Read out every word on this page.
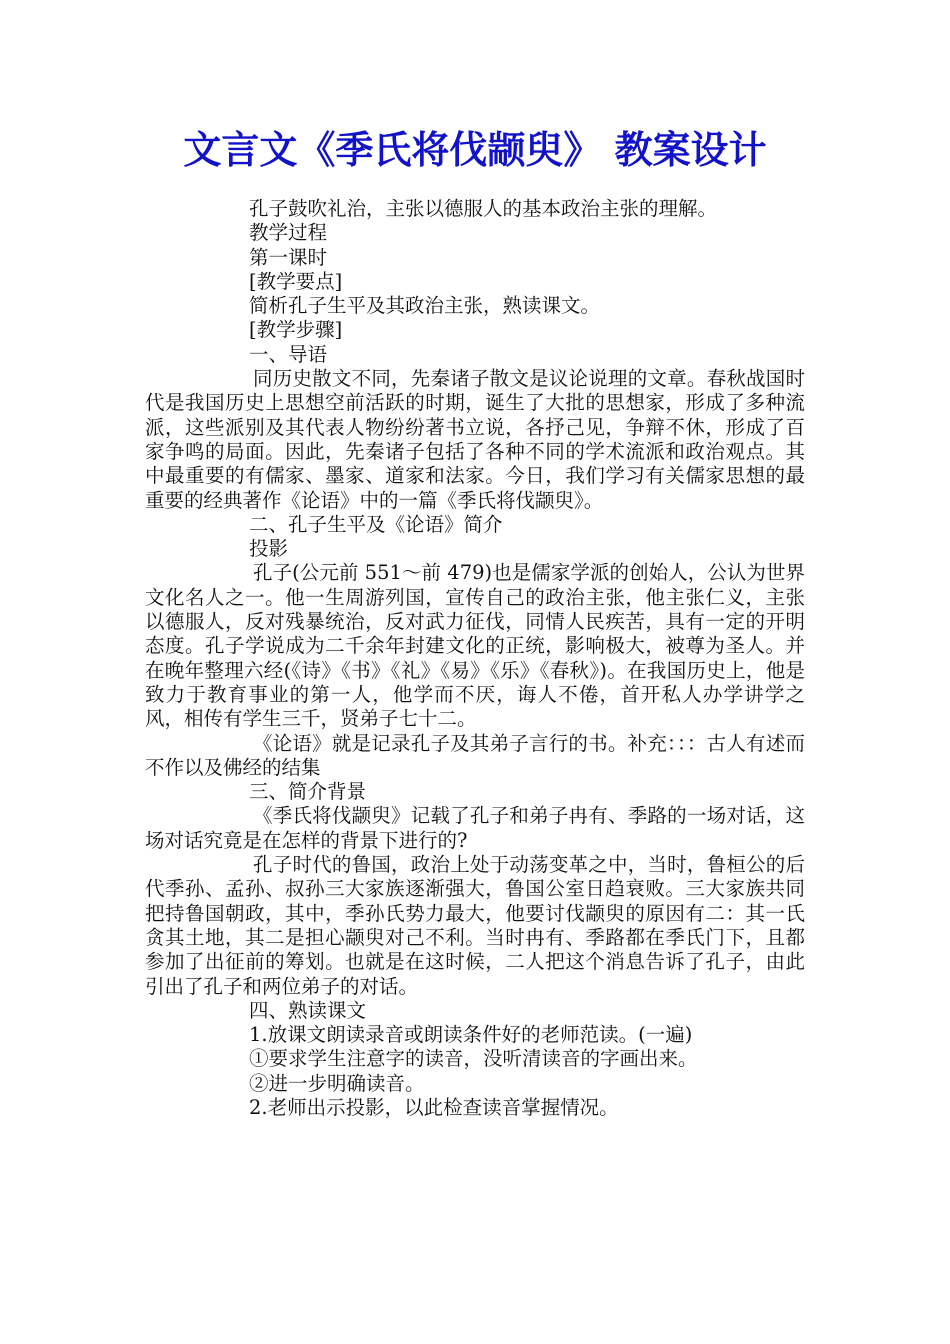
文言文《季氏将伐颛臾》 教案设计

孔子鼓吹礼治，主张以德服人的基本政治主张的理解。

教学过程

第一课时

[教学要点]

简析孔子生平及其政治主张，熟读课文。

[教学步骤]

一、导语

同历史散文不同，先秦诸子散文是议论说理的文章。春秋战国时代是我国历史上思想空前活跃的时期，诞生了大批的思想家，形成了多种流派，这些派别及其代表人物纷纷著书立说，各抒己见，争辩不休，形成了百家争鸣的局面。因此，先秦诸子包括了各种不同的学术流派和政治观点。其中最重要的有儒家、墨家、道家和法家。今日，我们学习有关儒家思想的最重要的经典著作《论语》中的一篇《季氏将伐颛臾》。

二、孔子生平及《论语》简介

投影

孔子(公元前 551～前 479)也是儒家学派的创始人，公认为世界文化名人之一。他一生周游列国，宣传自己的政治主张，他主张仁义，主张以德服人，反对残暴统治，反对武力征伐，同情人民疾苦，具有一定的开明态度。孔子学说成为二千余年封建文化的正统，影响极大，被尊为圣人。并在晚年整理六经(《诗》《书》《礼》《易》《乐》《春秋》)。在我国历史上，他是致力于教育事业的第一人，他学而不厌，诲人不倦，首开私人办学讲学之风，相传有学生三千，贤弟子七十二。

《论语》就是记录孔子及其弟子言行的书。补充：：：古人有述而不作以及佛经的结集

三、简介背景

《季氏将伐颛臾》记载了孔子和弟子冉有、季路的一场对话，这场对话究竟是在怎样的背景下进行的?

孔子时代的鲁国，政治上处于动荡变革之中，当时，鲁桓公的后代季孙、孟孙、叔孙三大家族逐渐强大，鲁国公室日趋衰败。三大家族共同把持鲁国朝政，其中，季孙氏势力最大，他要讨伐颛臾的原因有二：其一氏贪其土地，其二是担心颛臾对己不利。当时冉有、季路都在季氏门下，且都参加了出征前的筹划。也就是在这时候，二人把这个消息告诉了孔子，由此引出了孔子和两位弟子的对话。

四、熟读课文

1.放课文朗读录音或朗读条件好的老师范读。(一遍)

①要求学生注意字的读音，没听清读音的字画出来。

②进一步明确读音。

2.老师出示投影，以此检查读音掌握情况。
